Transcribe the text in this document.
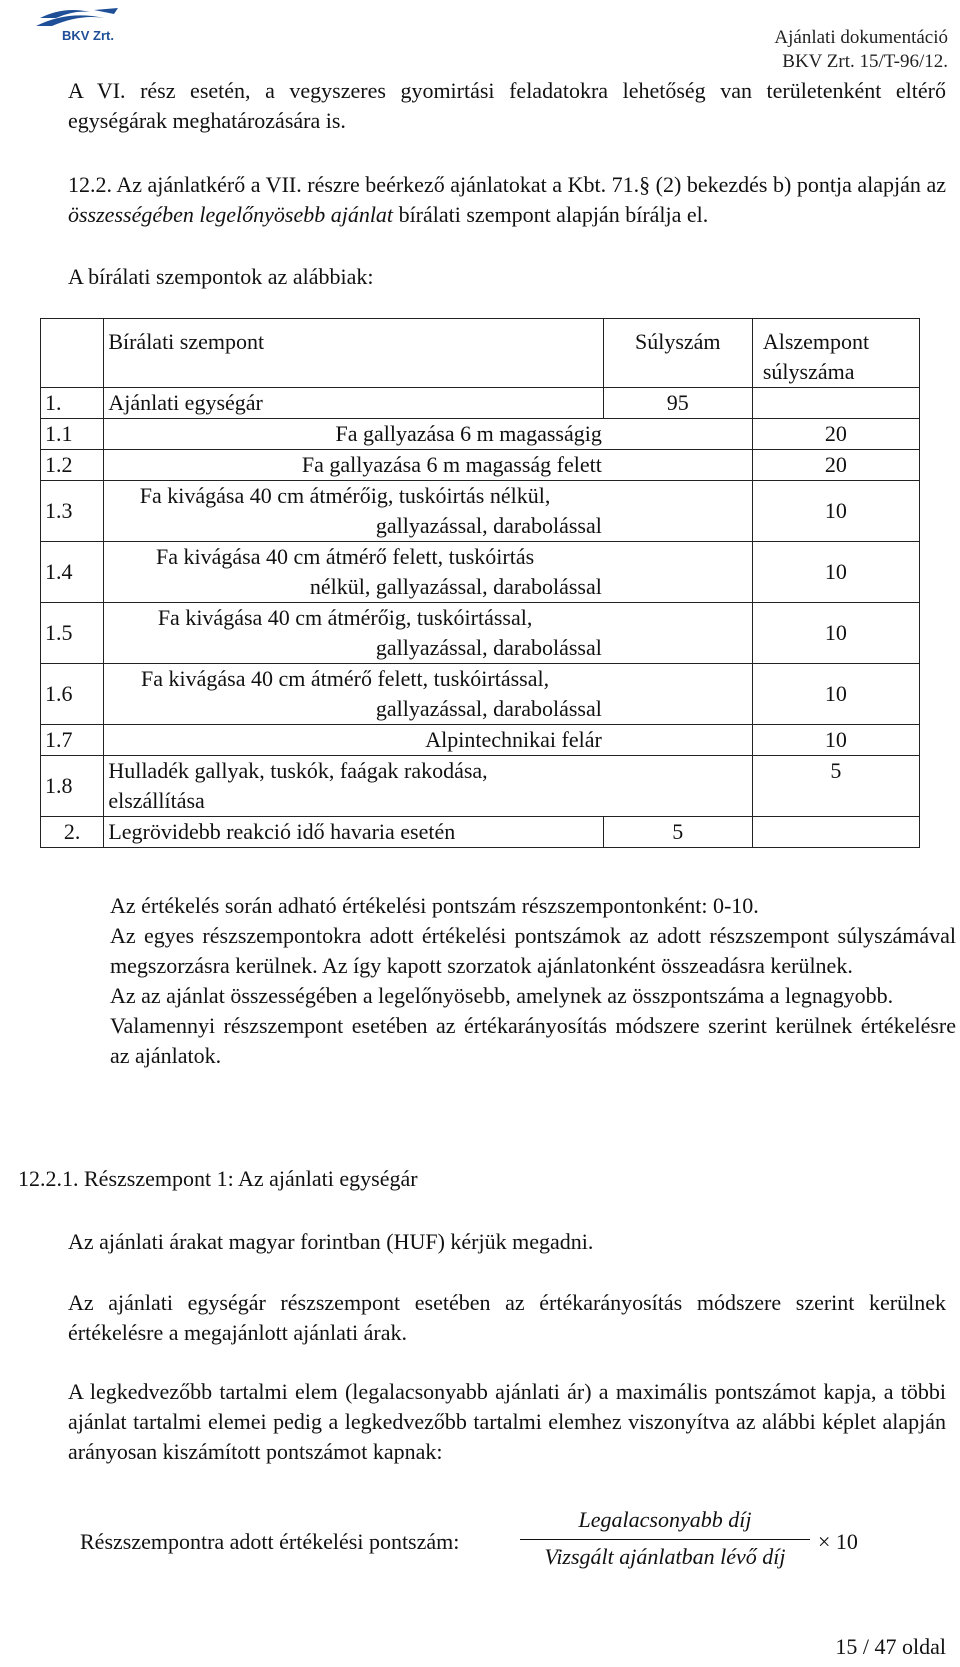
BKV Zrt.	Ajánlati dokumentáció
BKV Zrt. 15/T-96/12.
A VI. rész esetén, a vegyszeres gyomirtási feladatokra lehetőség van területenként eltérő egységárak meghatározására is.
12.2. Az ajánlatkérő a VII. részre beérkező ajánlatokat a Kbt. 71.§ (2) bekezdés b) pontja alapján az összességében legelőnyösebb ajánlat bírálati szempont alapján bírálja el.
A bírálati szempontok az alábbiak:
	Bírálati szempont	Súlyszám	Alszempont súlyszáma
1.	Ajánlati egységár	95	
1.1	Fa gallyazása 6 m magasságig		20
1.2	Fa gallyazása 6 m magasság felett		20
1.3	Fa kivágása 40 cm átmérőig, tuskóirtás nélkül,
gallyazással, darabolással		10
1.4	Fa kivágása 40 cm átmérő felett, tuskóirtás
nélkül, gallyazással, darabolással		10
1.5	Fa kivágása 40 cm átmérőig, tuskóirtással,
gallyazással, darabolással		10
1.6	Fa kivágása 40 cm átmérő felett, tuskóirtással,
gallyazással, darabolással		10
1.7	Alpintechnikai felár		10
1.8	Hulladék gallyak, tuskók, faágak rakodása,
elszállítása		5
2.	Legrövidebb reakció idő havaria esetén	5	

Az értékelés során adható értékelési pontszám részszempontonként: 0-10.

Az egyes részszempontokra adott értékelési pontszámok az adott részszempont súlyszámával megszorzásra kerülnek. Az így kapott szorzatok ajánlatonként összeadásra kerülnek.

Az az ajánlat összességében a legelőnyösebb, amelynek az összpontszáma a legnagyobb.

Valamennyi részszempont esetében az értékarányosítás módszere szerint kerülnek értékelésre az ajánlatok.

12.2.1. Részszempont 1: Az ajánlati egységár
Az ajánlati árakat magyar forintban (HUF) kérjük megadni.
Az ajánlati egységár részszempont esetében az értékarányosítás módszere szerint kerülnek értékelésre a megajánlott ajánlati árak.
A legkedvezőbb tartalmi elem (legalacsonyabb ajánlati ár) a maximális pontszámot kapja, a többi ajánlat tartalmi elemei pedig a legkedvezőbb tartalmi elemhez viszonyítva az alábbi képlet alapján arányosan kiszámított pontszámot kapnak:
Részszempontra adott értékelési pontszám:
Legalacsonyabb díj
Vizsgált ajánlatban lévő díj
× 10
15 / 47 oldal
